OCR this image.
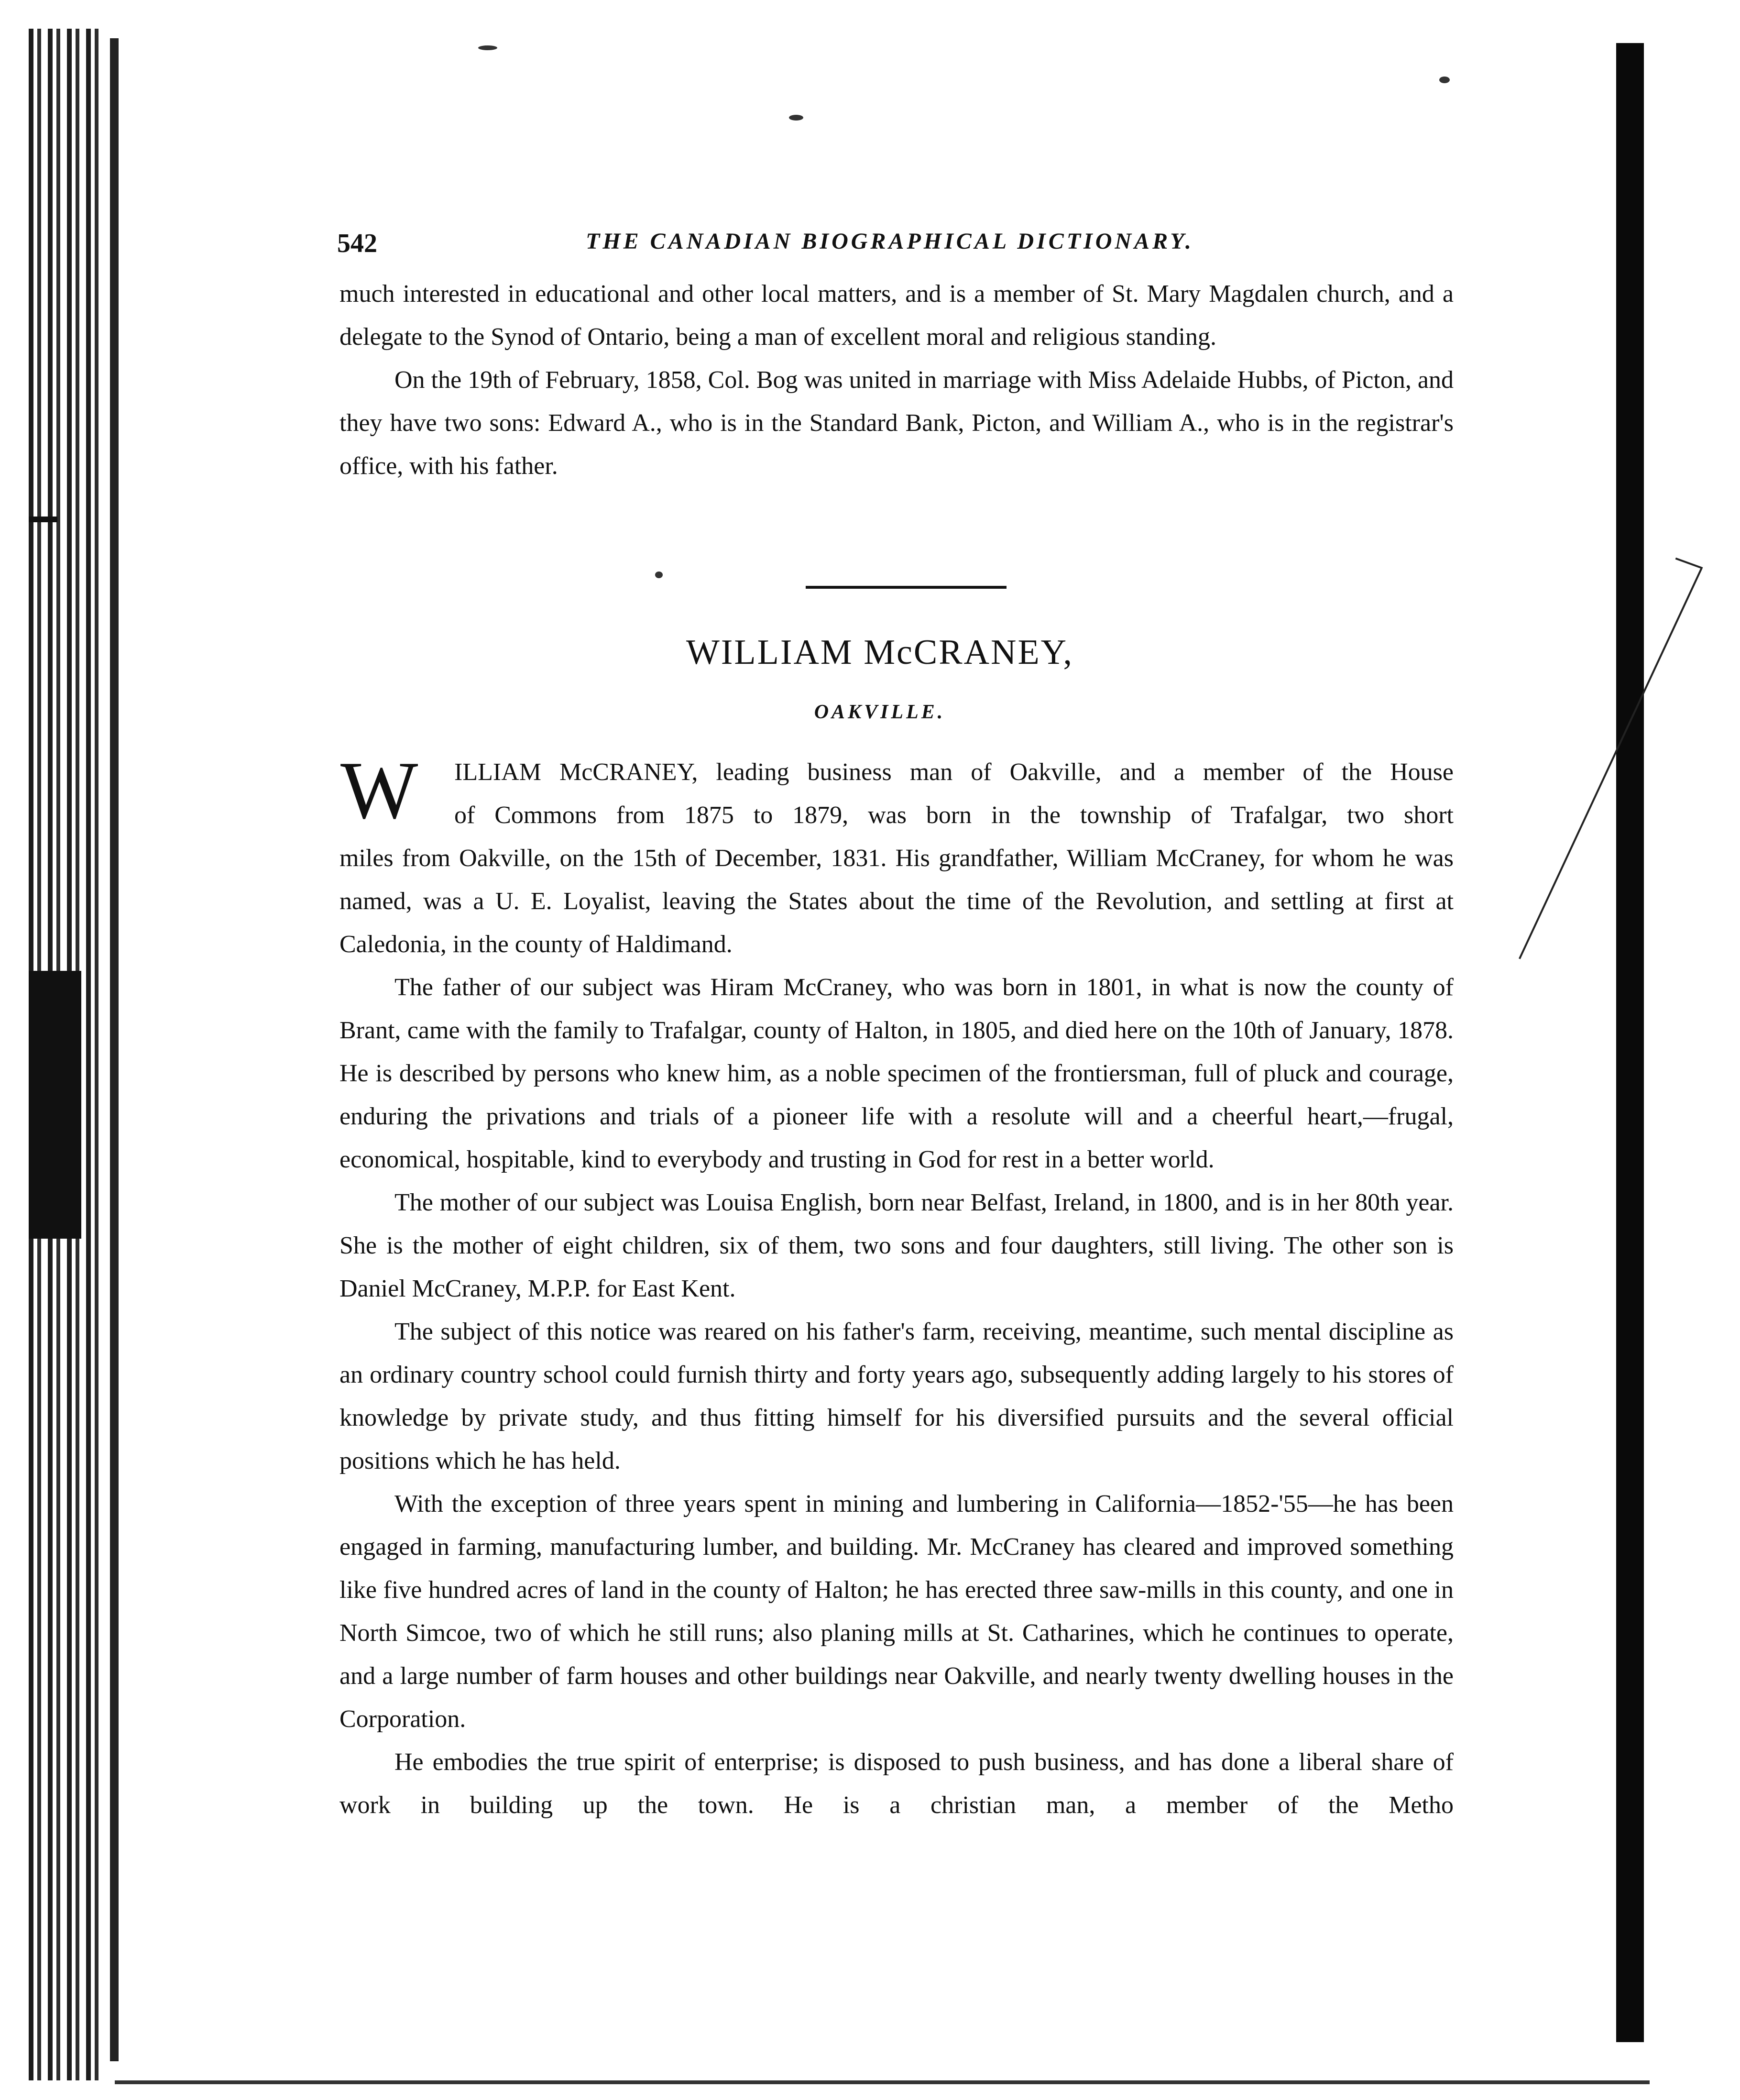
542	THE CANADIAN BIOGRAPHICAL DICTIONARY.

much interested in educational and other local matters, and is a member of St. Mary Magdalen church, and a delegate to the Synod of Ontario, being a man of excellent moral and religious standing.

On the 19th of February, 1858, Col. Bog was united in marriage with Miss Adelaide Hubbs, of Picton, and they have two sons: Edward A., who is in the Standard Bank, Picton, and William A., who is in the registrar's office, with his father.

WILLIAM McCRANEY,
OAKVILLE.
W ILLIAM McCRANEY, leading business man of Oakville, and a member of the House

of Commons from 1875 to 1879, was born in the township of Trafalgar, two short

miles from Oakville, on the 15th of December, 1831. His grandfather, William McCraney, for whom he was named, was a U. E. Loyalist, leaving the States about the time of the Revolution, and settling at first at Caledonia, in the county of Haldimand.

The father of our subject was Hiram McCraney, who was born in 1801, in what is now the county of Brant, came with the family to Trafalgar, county of Halton, in 1805, and died here on the 10th of January, 1878. He is described by persons who knew him, as a noble specimen of the frontiersman, full of pluck and courage, enduring the privations and trials of a pioneer life with a resolute will and a cheerful heart,—frugal, economical, hospitable, kind to everybody and trusting in God for rest in a better world.

The mother of our subject was Louisa English, born near Belfast, Ireland, in 1800, and is in her 80th year. She is the mother of eight children, six of them, two sons and four daughters, still living. The other son is Daniel McCraney, M.P.P. for East Kent.

The subject of this notice was reared on his father's farm, receiving, meantime, such mental discipline as an ordinary country school could furnish thirty and forty years ago, subsequently adding largely to his stores of knowledge by private study, and thus fitting himself for his diversified pursuits and the several official positions which he has held.

With the exception of three years spent in mining and lumbering in California—1852-'55—he has been engaged in farming, manufacturing lumber, and building. Mr. McCraney has cleared and improved something like five hundred acres of land in the county of Halton; he has erected three saw-mills in this county, and one in North Simcoe, two of which he still runs; also planing mills at St. Catharines, which he continues to operate, and a large number of farm houses and other buildings near Oakville, and nearly twenty dwelling houses in the Corporation.

He embodies the true spirit of enterprise; is disposed to push business, and has done a liberal share of work in building up the town. He is a christian man, a member of the Metho
